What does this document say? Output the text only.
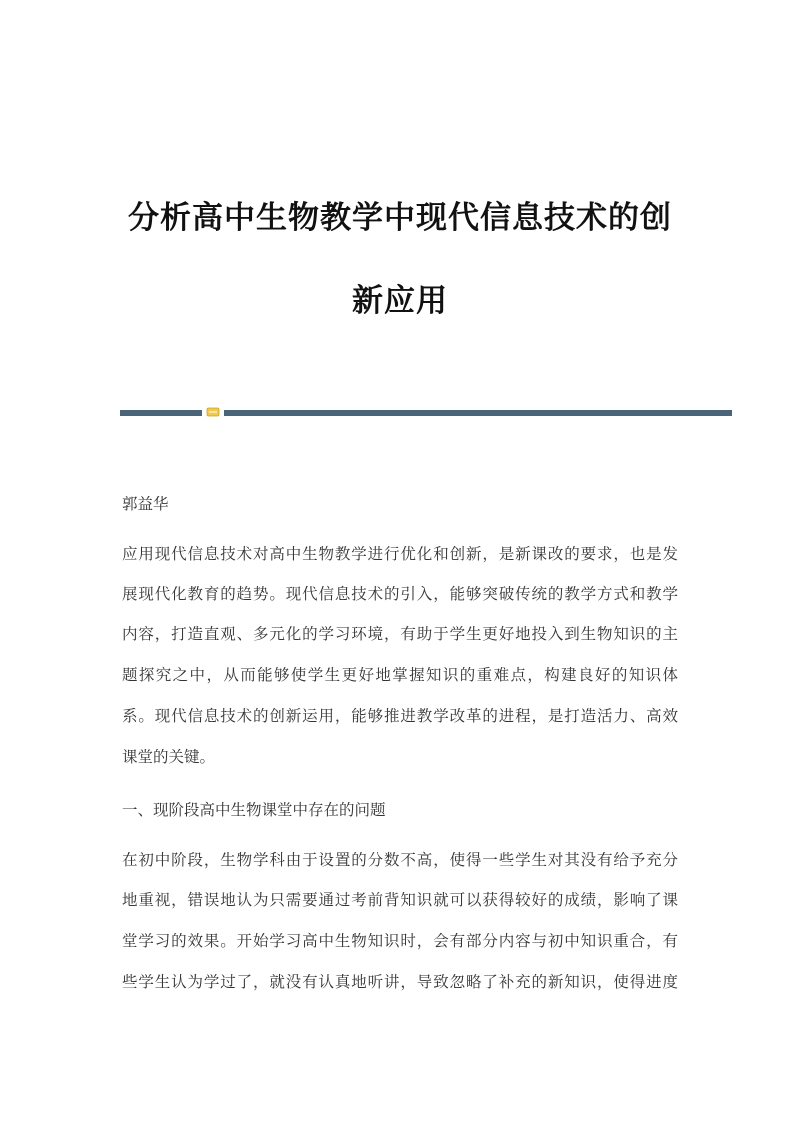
分析高中生物教学中现代信息技术的创
新应用
郭益华
应用现代信息技术对高中生物教学进行优化和创新，是新课改的要求，也是发
展现代化教育的趋势。现代信息技术的引入，能够突破传统的教学方式和教学
内容，打造直观、多元化的学习环境，有助于学生更好地投入到生物知识的主
题探究之中，从而能够使学生更好地掌握知识的重难点，构建良好的知识体
系。现代信息技术的创新运用，能够推进教学改革的进程，是打造活力、高效
课堂的关键。
一、现阶段高中生物课堂中存在的问题
在初中阶段，生物学科由于设置的分数不高，使得一些学生对其没有给予充分
地重视，错误地认为只需要通过考前背知识就可以获得较好的成绩，影响了课
堂学习的效果。开始学习高中生物知识时，会有部分内容与初中知识重合，有
些学生认为学过了，就没有认真地听讲，导致忽略了补充的新知识，使得进度
